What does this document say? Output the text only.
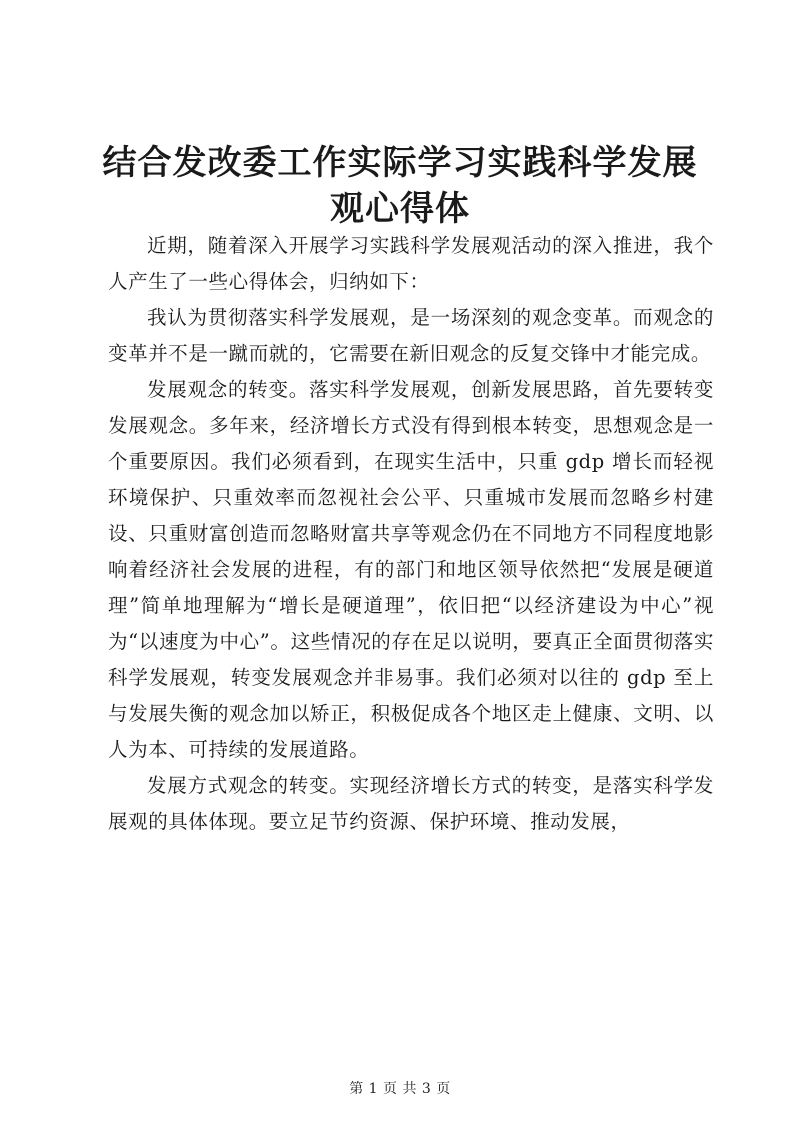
结合发改委工作实际学习实践科学发展观心得体

近期，随着深入开展学习实践科学发展观活动的深入推进，我个人产生了一些心得体会，归纳如下：

我认为贯彻落实科学发展观，是一场深刻的观念变革。而观念的变革并不是一蹴而就的，它需要在新旧观念的反复交锋中才能完成。

发展观念的转变。落实科学发展观，创新发展思路，首先要转变发展观念。多年来，经济增长方式没有得到根本转变，思想观念是一个重要原因。我们必须看到，在现实生活中，只重 gdp 增长而轻视环境保护、只重效率而忽视社会公平、只重城市发展而忽略乡村建设、只重财富创造而忽略财富共享等观念仍在不同地方不同程度地影响着经济社会发展的进程，有的部门和地区领导依然把“发展是硬道理”简单地理解为“增长是硬道理”，依旧把“以经济建设为中心”视为“以速度为中心”。这些情况的存在足以说明，要真正全面贯彻落实科学发展观，转变发展观念并非易事。我们必须对以往的 gdp 至上与发展失衡的观念加以矫正，积极促成各个地区走上健康、文明、以人为本、可持续的发展道路。

发展方式观念的转变。实现经济增长方式的转变，是落实科学发展观的具体体现。要立足节约资源、保护环境、推动发展，

第 1 页 共 3 页
